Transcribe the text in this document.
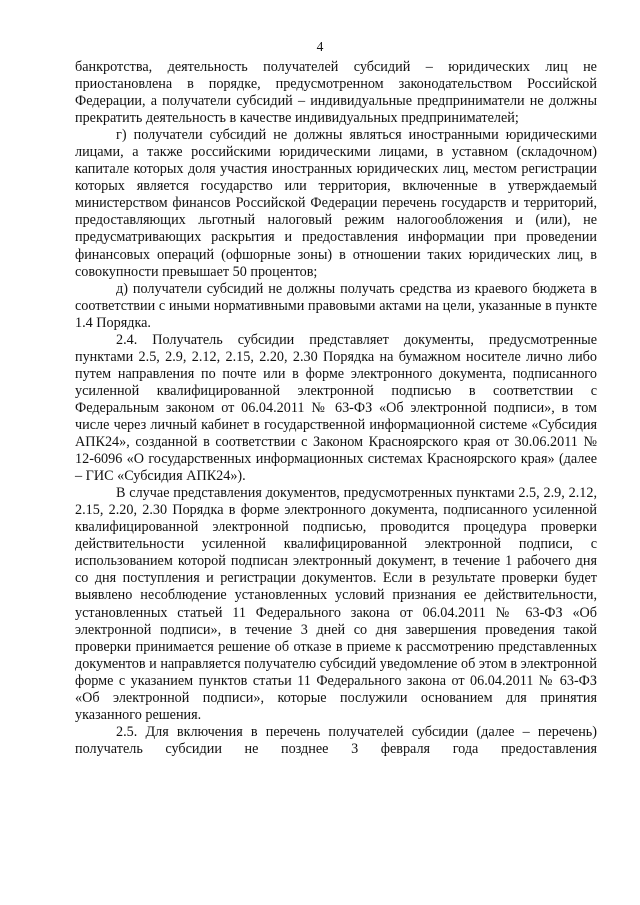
4

банкротства, деятельность получателей субсидий – юридических лиц не приостановлена в порядке, предусмотренном законодательством Российской Федерации, а получатели субсидий – индивидуальные предприниматели не должны прекратить деятельность в качестве индивидуальных предпринимателей;

г) получатели субсидий не должны являться иностранными юридическими лицами, а также российскими юридическими лицами, в уставном (складочном) капитале которых доля участия иностранных юридических лиц, местом регистрации которых является государство или территория, включенные в утверждаемый министерством финансов Российской Федерации перечень государств и территорий, предоставляющих льготный налоговый режим налогообложения и (или), не предусматривающих раскрытия и предоставления информации при проведении финансовых операций (офшорные зоны) в отношении таких юридических лиц, в совокупности превышает 50 процентов;

д) получатели субсидий не должны получать средства из краевого бюджета в соответствии с иными нормативными правовыми актами на цели, указанные в пункте 1.4 Порядка.

2.4. Получатель субсидии представляет документы, предусмотренные пунктами 2.5, 2.9, 2.12, 2.15, 2.20, 2.30 Порядка на бумажном носителе лично либо путем направления по почте или в форме электронного документа, подписанного усиленной квалифицированной электронной подписью в соответствии с Федеральным законом от 06.04.2011 № 63-ФЗ «Об электронной подписи», в том числе через личный кабинет в государственной информационной системе «Субсидия АПК24», созданной в соответствии с Законом Красноярского края от 30.06.2011 № 12-6096 «О государственных информационных системах Красноярского края» (далее – ГИС «Субсидия АПК24»).

В случае представления документов, предусмотренных пунктами 2.5, 2.9, 2.12, 2.15, 2.20, 2.30 Порядка в форме электронного документа, подписанного усиленной квалифицированной электронной подписью, проводится процедура проверки действительности усиленной квалифицированной электронной подписи, с использованием которой подписан электронный документ, в течение 1 рабочего дня со дня поступления и регистрации документов. Если в результате проверки будет выявлено несоблюдение установленных условий признания ее действительности, установленных статьей 11 Федерального закона от 06.04.2011 № 63-ФЗ «Об электронной подписи», в течение 3 дней со дня завершения проведения такой проверки принимается решение об отказе в приеме к рассмотрению представленных документов и направляется получателю субсидий уведомление об этом в электронной форме с указанием пунктов статьи 11 Федерального закона от 06.04.2011 № 63-ФЗ «Об электронной подписи», которые послужили основанием для принятия указанного решения.

2.5. Для включения в перечень получателей субсидии (далее – перечень) получатель субсидии не позднее 3 февраля года предоставления
